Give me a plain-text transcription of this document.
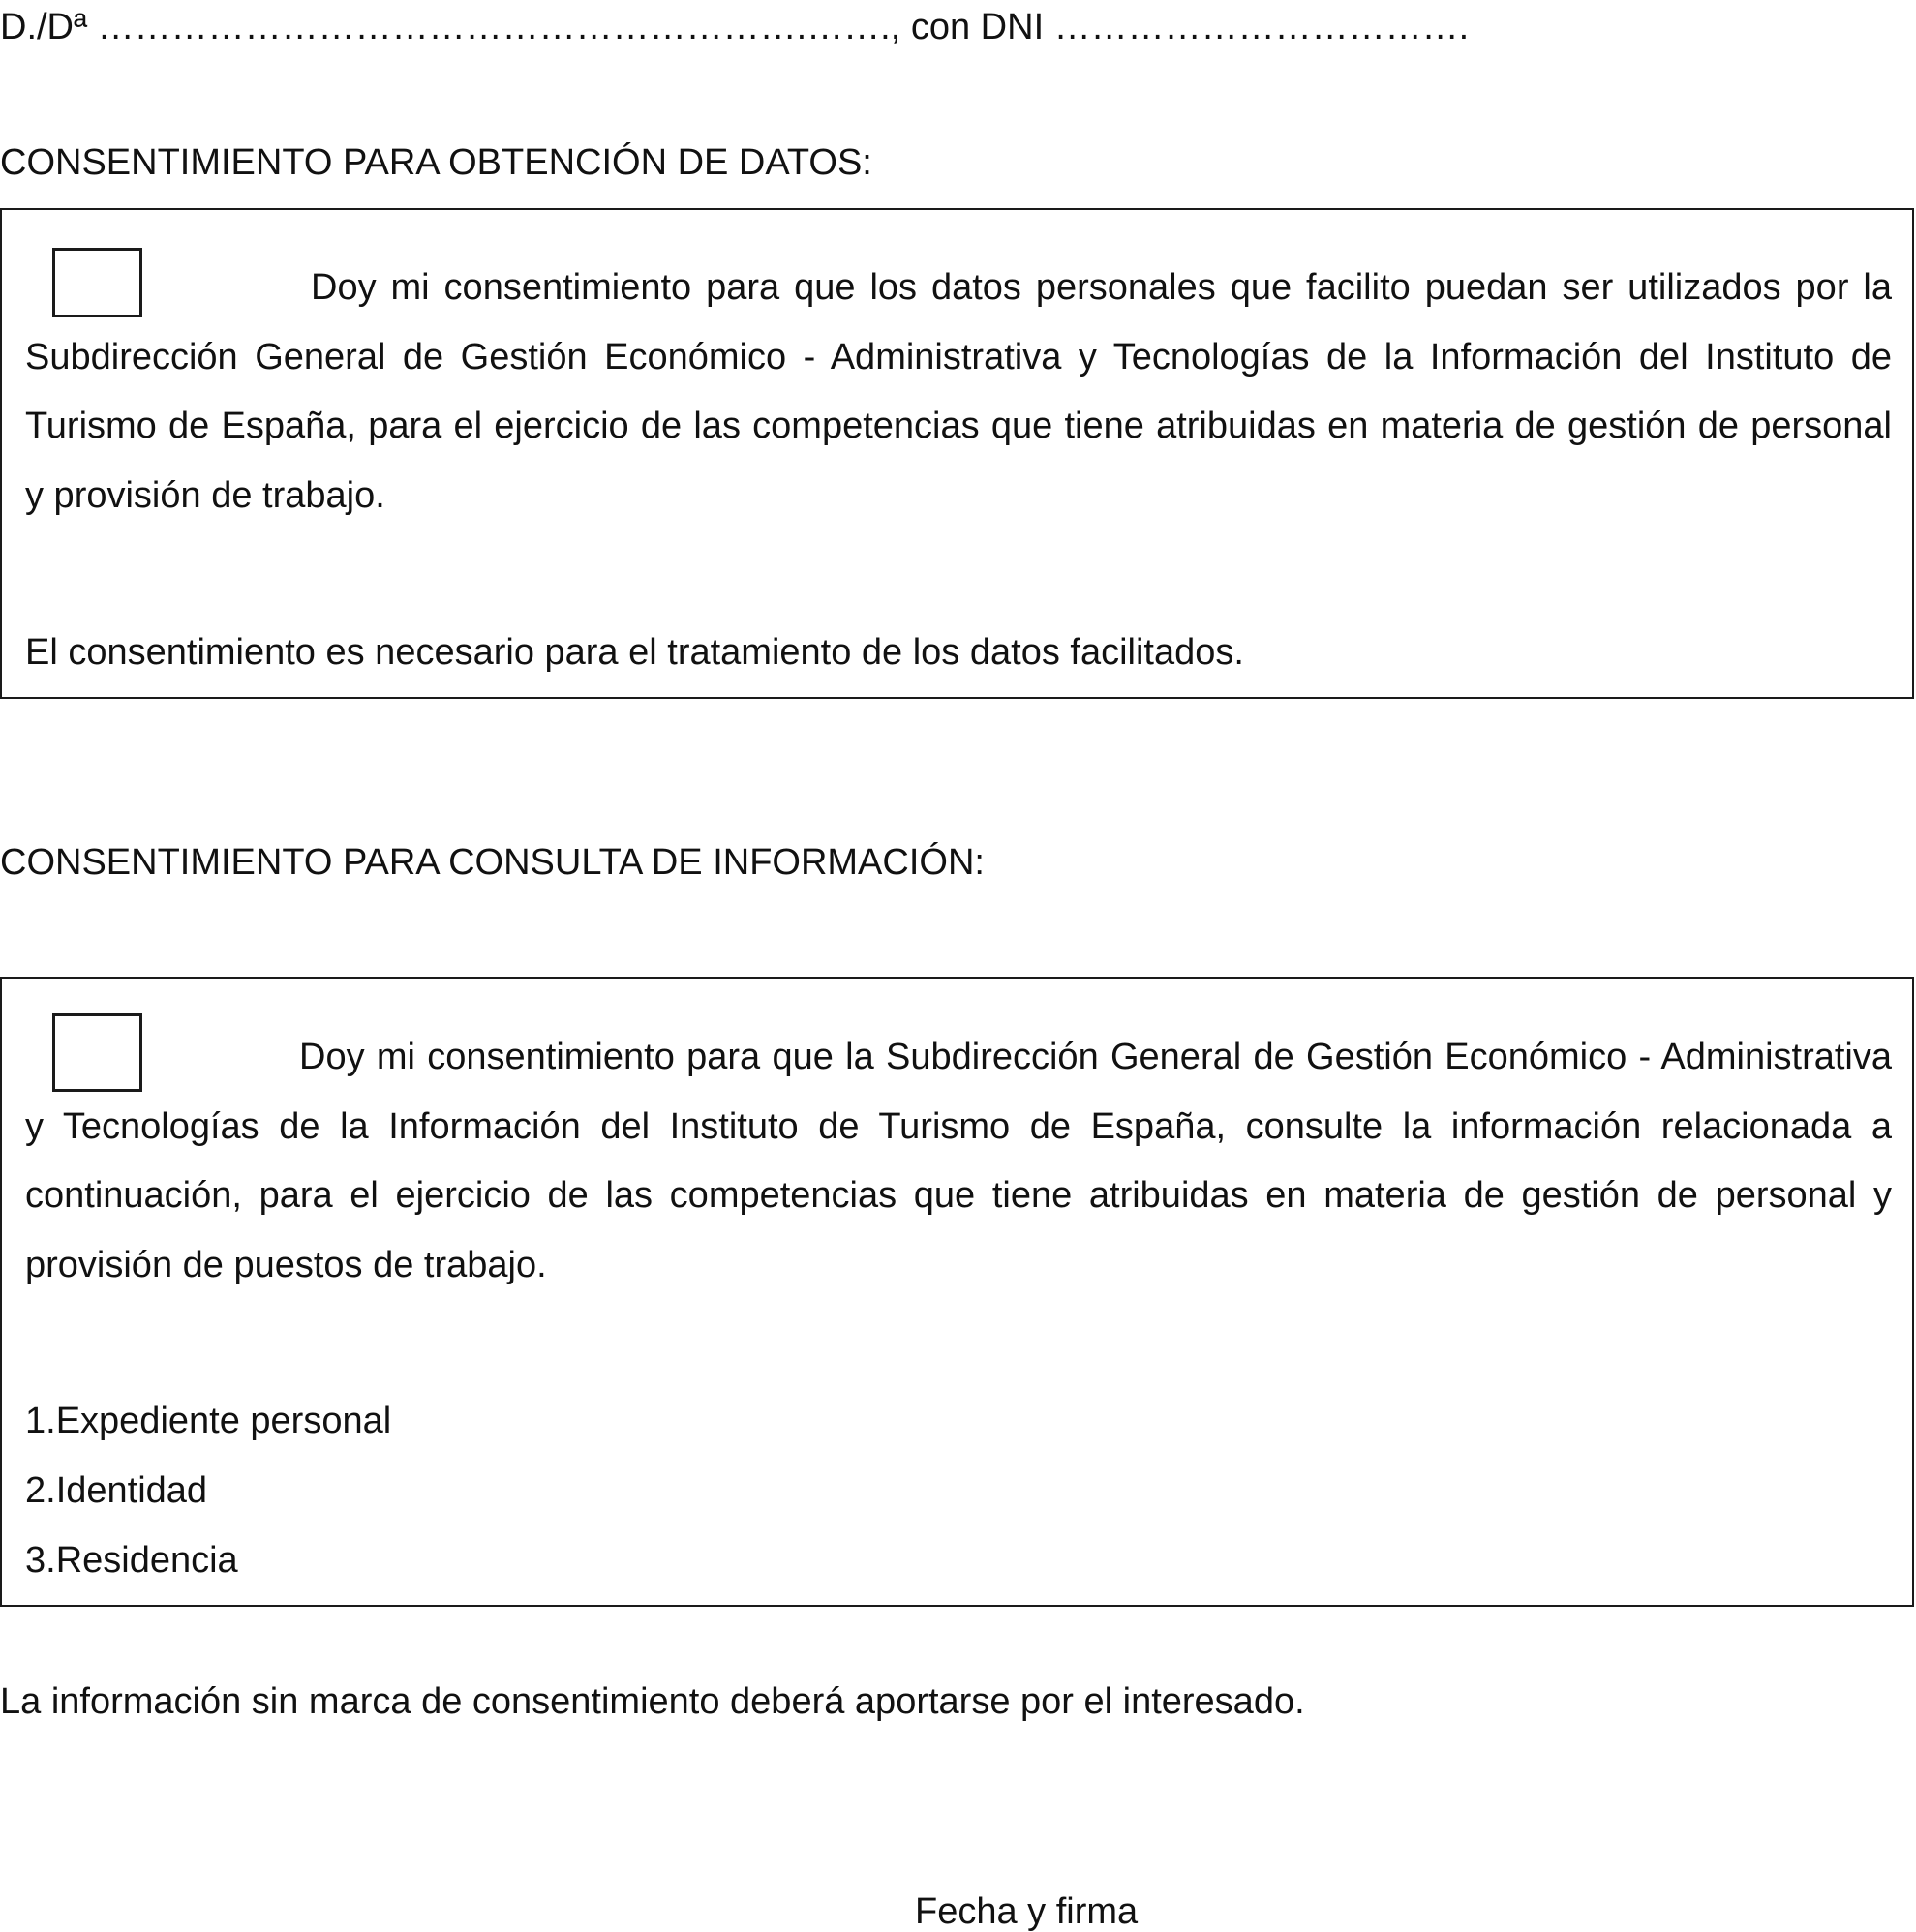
D./Dª ………………………………………………….……., con DNI …………………………….
CONSENTIMIENTO PARA OBTENCIÓN DE DATOS:

Doy mi consentimiento para que los datos personales que facilito puedan ser utilizados por la Subdirección General de Gestión Económico - Administrativa y Tecnologías de la Información del Instituto de Turismo de España, para el ejercicio de las competencias que tiene atribuidas en materia de gestión de personal y provisión de trabajo.

El consentimiento es necesario para el tratamiento de los datos facilitados.

CONSENTIMIENTO PARA CONSULTA DE INFORMACIÓN:

Doy mi consentimiento para que la Subdirección General de Gestión Económico - Administrativa y Tecnologías de la Información del Instituto de Turismo de España, consulte la información relacionada a continuación, para el ejercicio de las competencias que tiene atribuidas en materia de gestión de personal y provisión de puestos de trabajo.

1.Expediente personal
2.Identidad
3.Residencia
La información sin marca de consentimiento deberá aportarse por el interesado.
Fecha y firma
